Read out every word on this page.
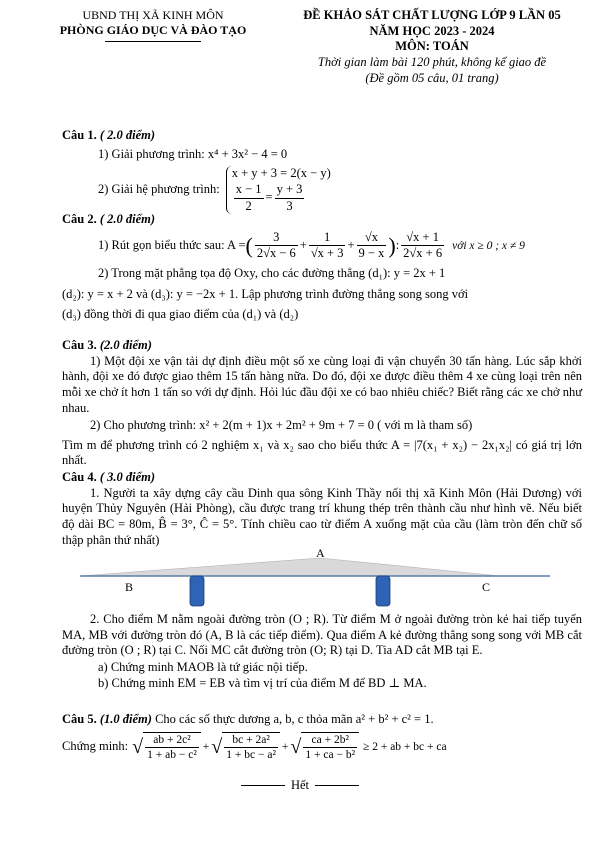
UBND THỊ XÃ KINH MÔN
PHÒNG GIÁO DỤC VÀ ĐÀO TẠO
ĐỀ KHẢO SÁT CHẤT LƯỢNG LỚP 9 LẦN 05
NĂM HỌC 2023 - 2024
MÔN: TOÁN
Thời gian làm bài 120 phút, không kể giao đề
(Đề gồm 05 câu, 01 trang)
Câu 1. ( 2.0 điểm)
1) Giải phương trình: x⁴ + 3x² − 4 = 0
2) Giải hệ phương trình:
x + y + 3 = 2(x − y)
$\frac{x - 1}{2} = \frac{y + 3}{3}$
Câu 2. ( 2.0 điểm)
1) Rút gọn biểu thức sau: A = ( $\frac{3}{2√x - 6} + \frac{1}{√x + 3} + \frac{√x}{9 - x}$ ) : $\frac{√x + 1}{2√x + 6}$ với x ≥ 0 ; x ≠ 9
2) Trong mặt phẳng tọa độ Oxy, cho các đường thẳng (d₁): y = 2x + 1
(d₂): y = x + 2 và (d₃): y = −2x + 1. Lập phương trình đường thẳng song song với
(d₃) đồng thời đi qua giao điểm của (d₁) và (d₂)
Câu 3. (2.0 điểm)
1) Một đội xe vận tải dự định điều một số xe cùng loại đi vận chuyển 30 tấn hàng. Lúc sắp khởi hành, đội xe đó được giao thêm 15 tấn hàng nữa. Do đó, đội xe được điều thêm 4 xe cùng loại trên nên mỗi xe chở ít hơn 1 tấn so với dự định. Hỏi lúc đầu đội xe có bao nhiêu chiếc? Biết rằng các xe chở như nhau.
2) Cho phương trình: x² + 2(m + 1)x + 2m² + 9m + 7 = 0 ( với m là tham số)
Tìm m để phương trình có 2 nghiệm x₁ và x₂ sao cho biểu thức A = |7(x₁ + x₂) − 2x₁x₂| có giá trị lớn nhất.
Câu 4. ( 3.0 điểm)
1. Người ta xây dựng cây cầu Dinh qua sông Kinh Thầy nối thị xã Kinh Môn (Hải Dương) với huyện Thủy Nguyên (Hải Phòng), cầu được trang trí khung thép trên thành cầu như hình vẽ. Nếu biết độ dài BC = 80m, B̂ = 3°, Ĉ = 5°. Tính chiều cao từ điểm A xuống mặt của cầu (làm tròn đến chữ số thập phân thứ nhất)
A
B	C
2. Cho điểm M nằm ngoài đường tròn (O ; R). Từ điểm M ở ngoài đường tròn kẻ hai tiếp tuyến MA, MB với đường tròn đó (A, B là các tiếp điểm). Qua điểm A kẻ đường thẳng song song với MB cắt đường tròn (O ; R) tại C. Nối MC cắt đường tròn (O; R) tại D. Tia AD cắt MB tại E.
a) Chứng minh MAOB là tứ giác nội tiếp.
b) Chứng minh EM = EB và tìm vị trí của điểm M để BD ⊥ MA.
Câu 5. (1.0 điểm) Cho các số thực dương a, b, c thỏa mãn a² + b² + c² = 1.
Chứng minh: √ $\frac{\text{ab + 2c²}}{\text{1 + ab − c²}}$ + √ $\frac{\text{bc + 2a²}}{\text{1 + bc − a²}}$ + √ $\frac{\text{ca + 2b²}}{\text{1 + ca − b²}} \ge 2$ + ab + bc + ca
Hết
